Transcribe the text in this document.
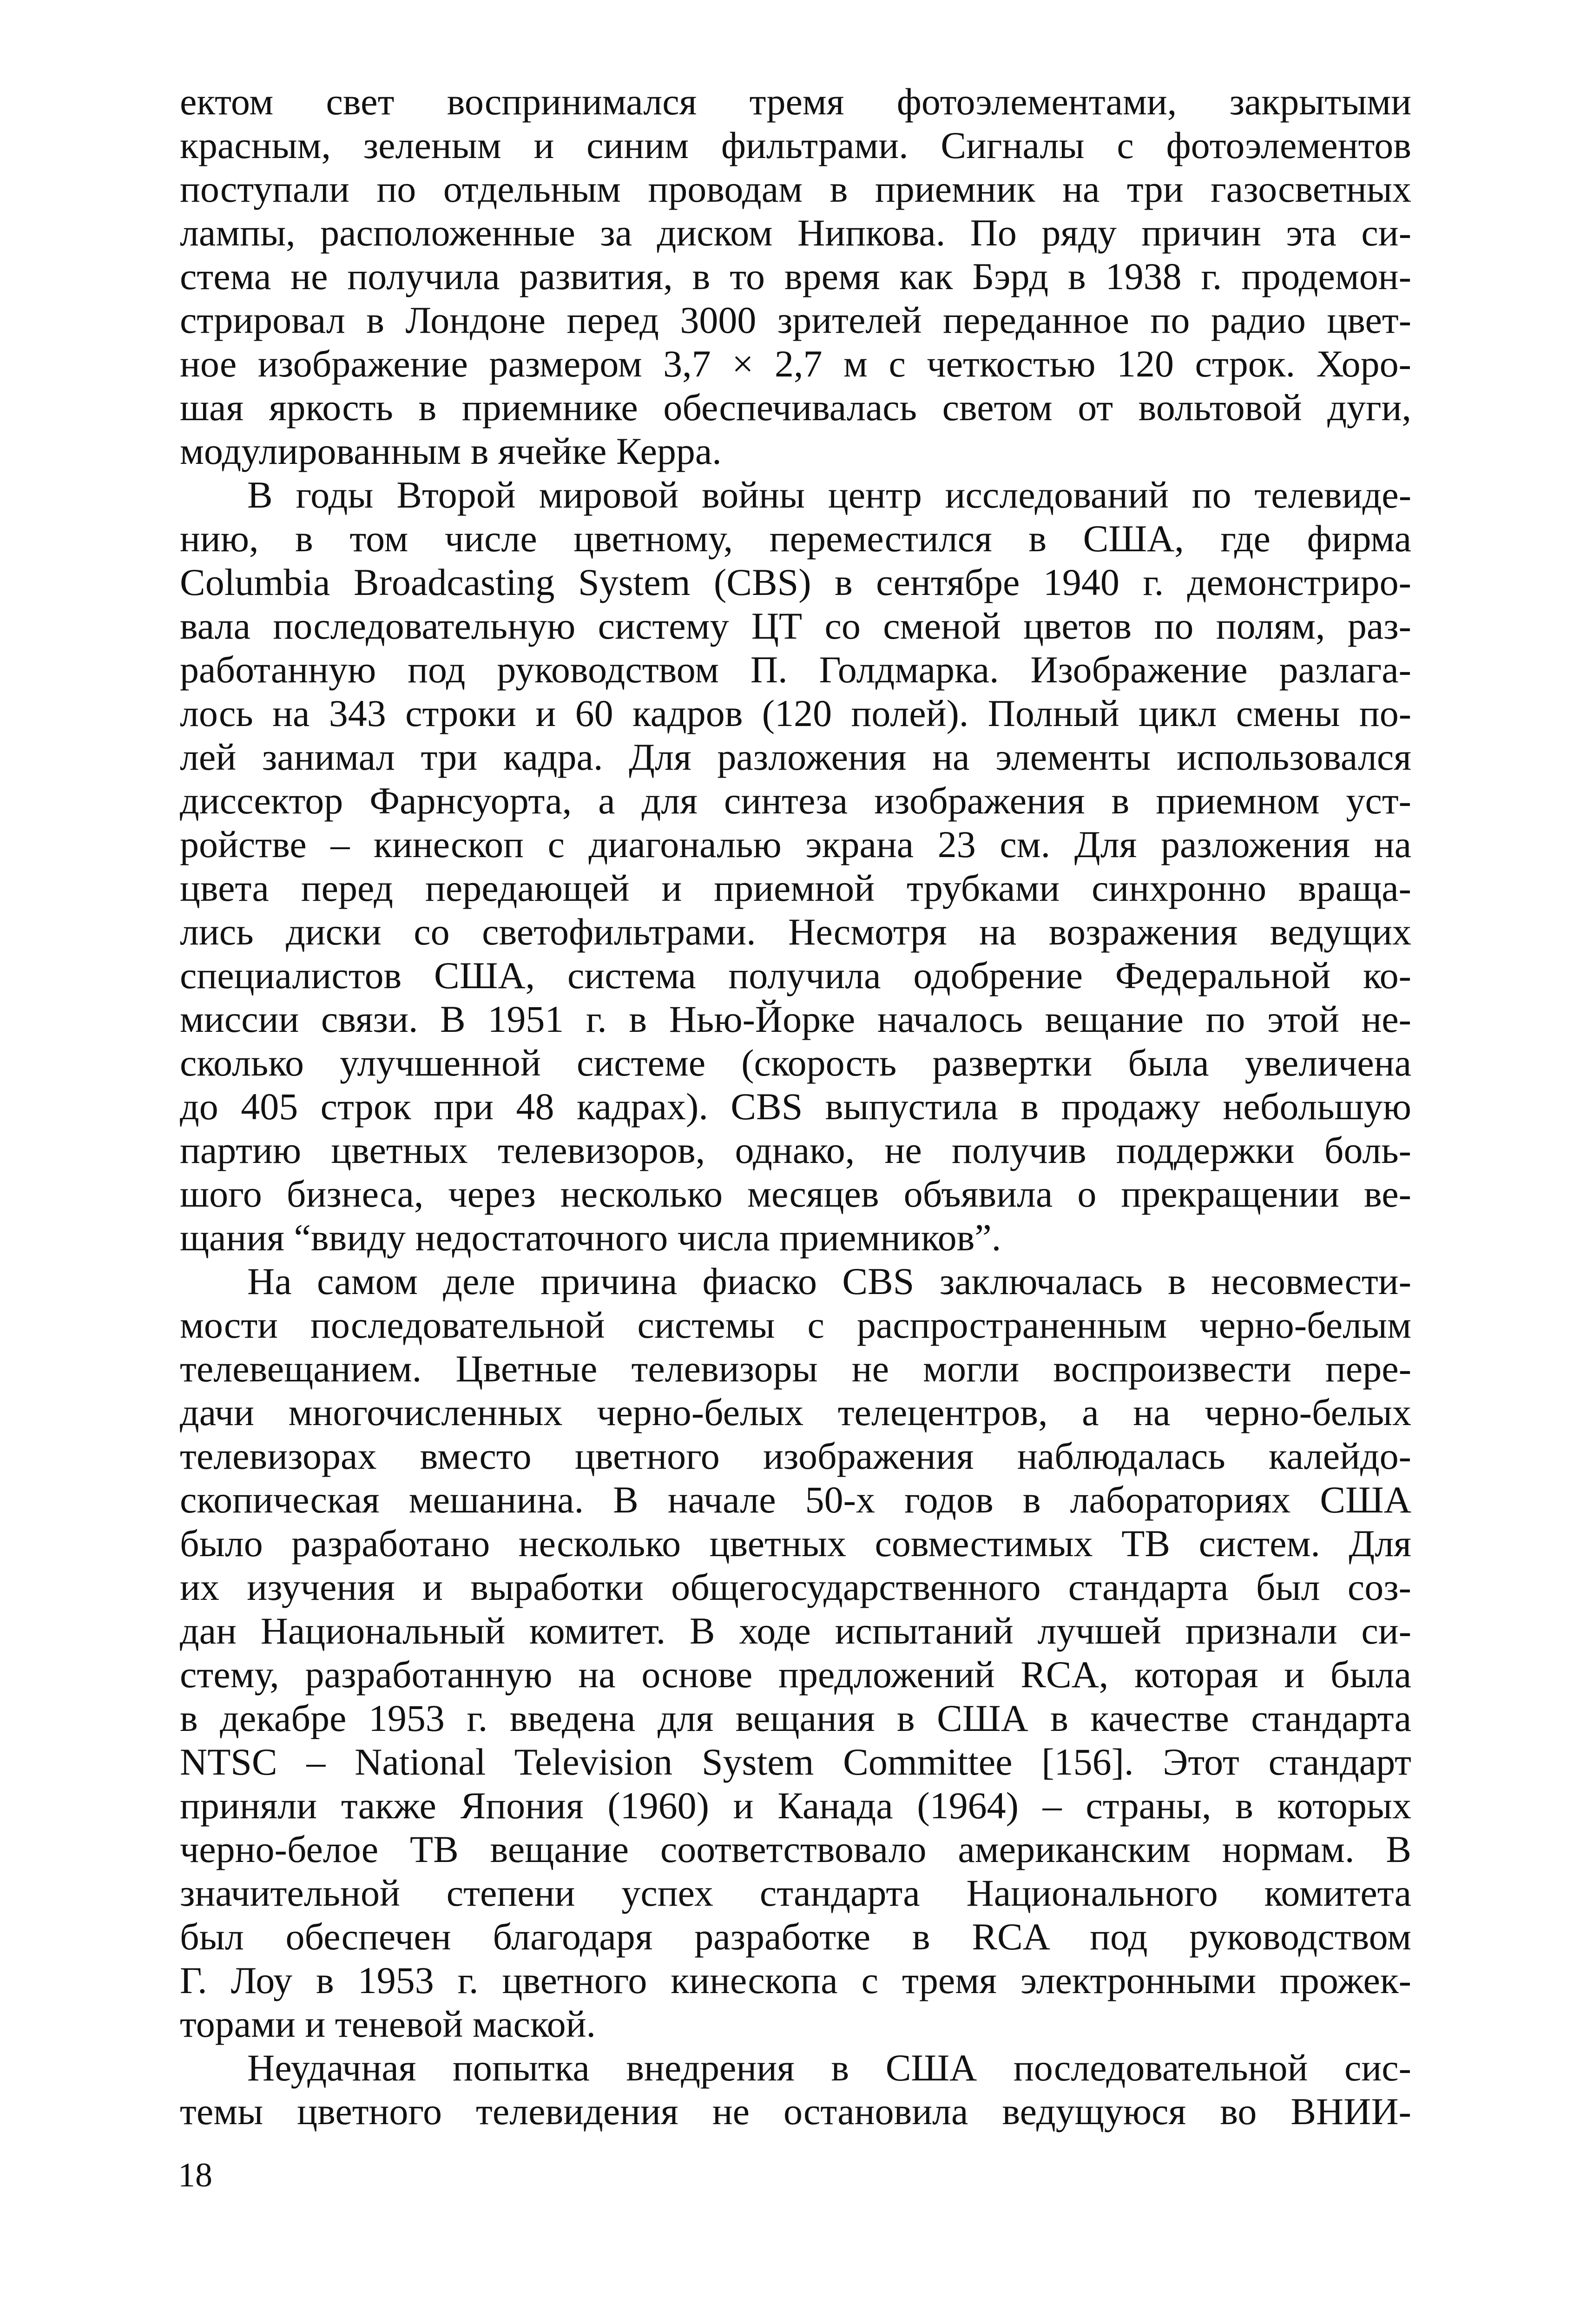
ектом свет воспринимался тремя фотоэлементами, закрытыми
красным, зеленым и синим фильтрами. Сигналы с фотоэлементов
поступали по отдельным проводам в приемник на три газосветных
лампы, расположенные за диском Нипкова. По ряду причин эта си-
стема не получила развития, в то время как Бэрд в 1938 г. продемон-
стрировал в Лондоне перед 3000 зрителей переданное по радио цвет-
ное изображение размером 3,7 × 2,7 м с четкостью 120 строк. Хоро-
шая яркость в приемнике обеспечивалась светом от вольтовой дуги,
модулированным в ячейке Керра.
В годы Второй мировой войны центр исследований по телевиде-
нию, в том числе цветному, переместился в США, где фирма
Columbia Broadcasting System (CBS) в сентябре 1940 г. демонстриро-
вала последовательную систему ЦТ со сменой цветов по полям, раз-
работанную под руководством П. Голдмарка. Изображение разлага-
лось на 343 строки и 60 кадров (120 полей). Полный цикл смены по-
лей занимал три кадра. Для разложения на элементы использовался
диссектор Фарнсуорта, а для синтеза изображения в приемном уст-
ройстве – кинескоп с диагональю экрана 23 см. Для разложения на
цвета перед передающей и приемной трубками синхронно враща-
лись диски со светофильтрами. Несмотря на возражения ведущих
специалистов США, система получила одобрение Федеральной ко-
миссии связи. В 1951 г. в Нью-Йорке началось вещание по этой не-
сколько улучшенной системе (скорость развертки была увеличена
до 405 строк при 48 кадрах). CBS выпустила в продажу небольшую
партию цветных телевизоров, однако, не получив поддержки боль-
шого бизнеса, через несколько месяцев объявила о прекращении ве-
щания “ввиду недостаточного числа приемников”.
На самом деле причина фиаско CBS заключалась в несовмести-
мости последовательной системы с распространенным черно-белым
телевещанием. Цветные телевизоры не могли воспроизвести пере-
дачи многочисленных черно-белых телецентров, а на черно-белых
телевизорах вместо цветного изображения наблюдалась калейдо-
скопическая мешанина. В начале 50-х годов в лабораториях США
было разработано несколько цветных совместимых ТВ систем. Для
их изучения и выработки общегосударственного стандарта был соз-
дан Национальный комитет. В ходе испытаний лучшей признали си-
стему, разработанную на основе предложений RCA, которая и была
в декабре 1953 г. введена для вещания в США в качестве стандарта
NTSC – National Television System Committee [156]. Этот стандарт
приняли также Япония (1960) и Канада (1964) – страны, в которых
черно-белое ТВ вещание соответствовало американским нормам. В
значительной степени успех стандарта Национального комитета
был обеспечен благодаря разработке в RCA под руководством
Г. Лоу в 1953 г. цветного кинескопа с тремя электронными прожек-
торами и теневой маской.
Неудачная попытка внедрения в США последовательной сис-
темы цветного телевидения не остановила ведущуюся во ВНИИ-
18
